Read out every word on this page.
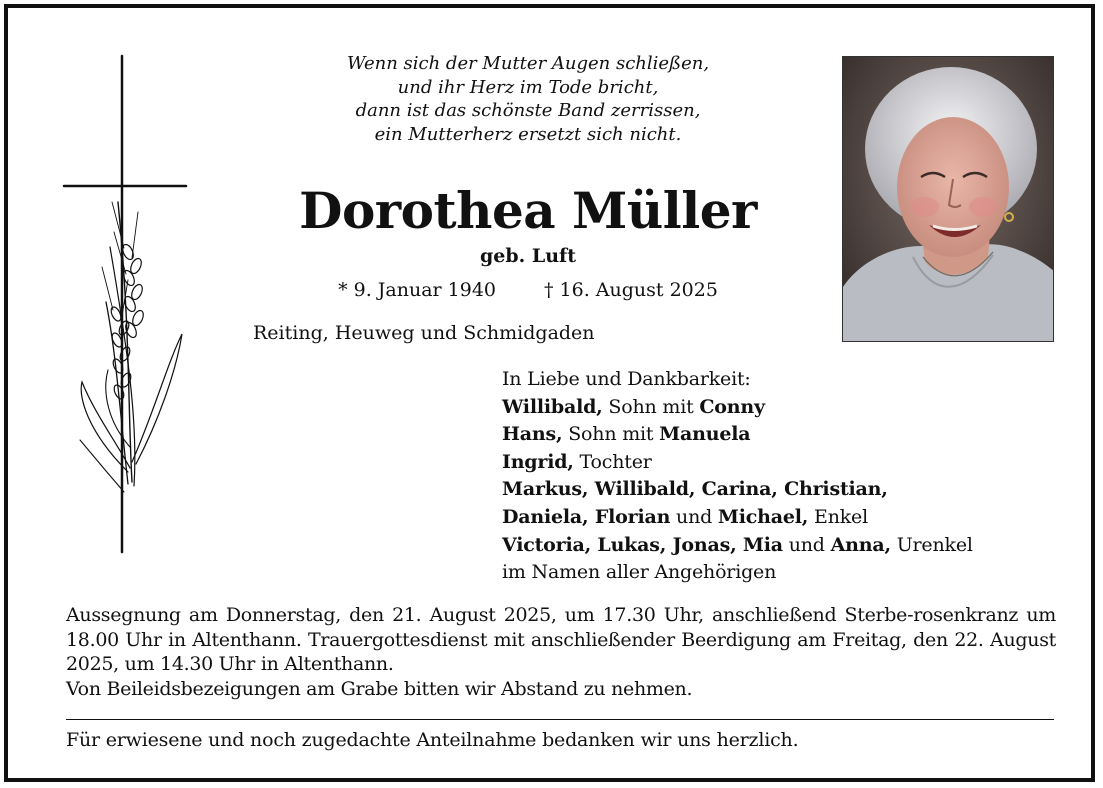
Wenn sich der Mutter Augen schließen,
und ihr Herz im Tode bricht,
dann ist das schönste Band zerrissen,
ein Mutterherz ersetzt sich nicht.
Dorothea Müller
geb. Luft
* 9. Januar 1940	† 16. August 2025
Reiting, Heuweg und Schmidgaden
In Liebe und Dankbarkeit:
Willibald, Sohn mit Conny
Hans, Sohn mit Manuela
Ingrid, Tochter
Markus, Willibald, Carina, Christian,
Daniela, Florian und Michael, Enkel
Victoria, Lukas, Jonas, Mia und Anna, Urenkel
im Namen aller Angehörigen
Aussegnung am Donnerstag, den 21. August 2025, um 17.30 Uhr, anschließend Sterbe-rosenkranz um 18.00 Uhr in Altenthann. Trauergottesdienst mit anschließender Beerdigung am Freitag, den 22. August 2025, um 14.30 Uhr in Altenthann.
Von Beileidsbezeigungen am Grabe bitten wir Abstand zu nehmen.
Für erwiesene und noch zugedachte Anteilnahme bedanken wir uns herzlich.
